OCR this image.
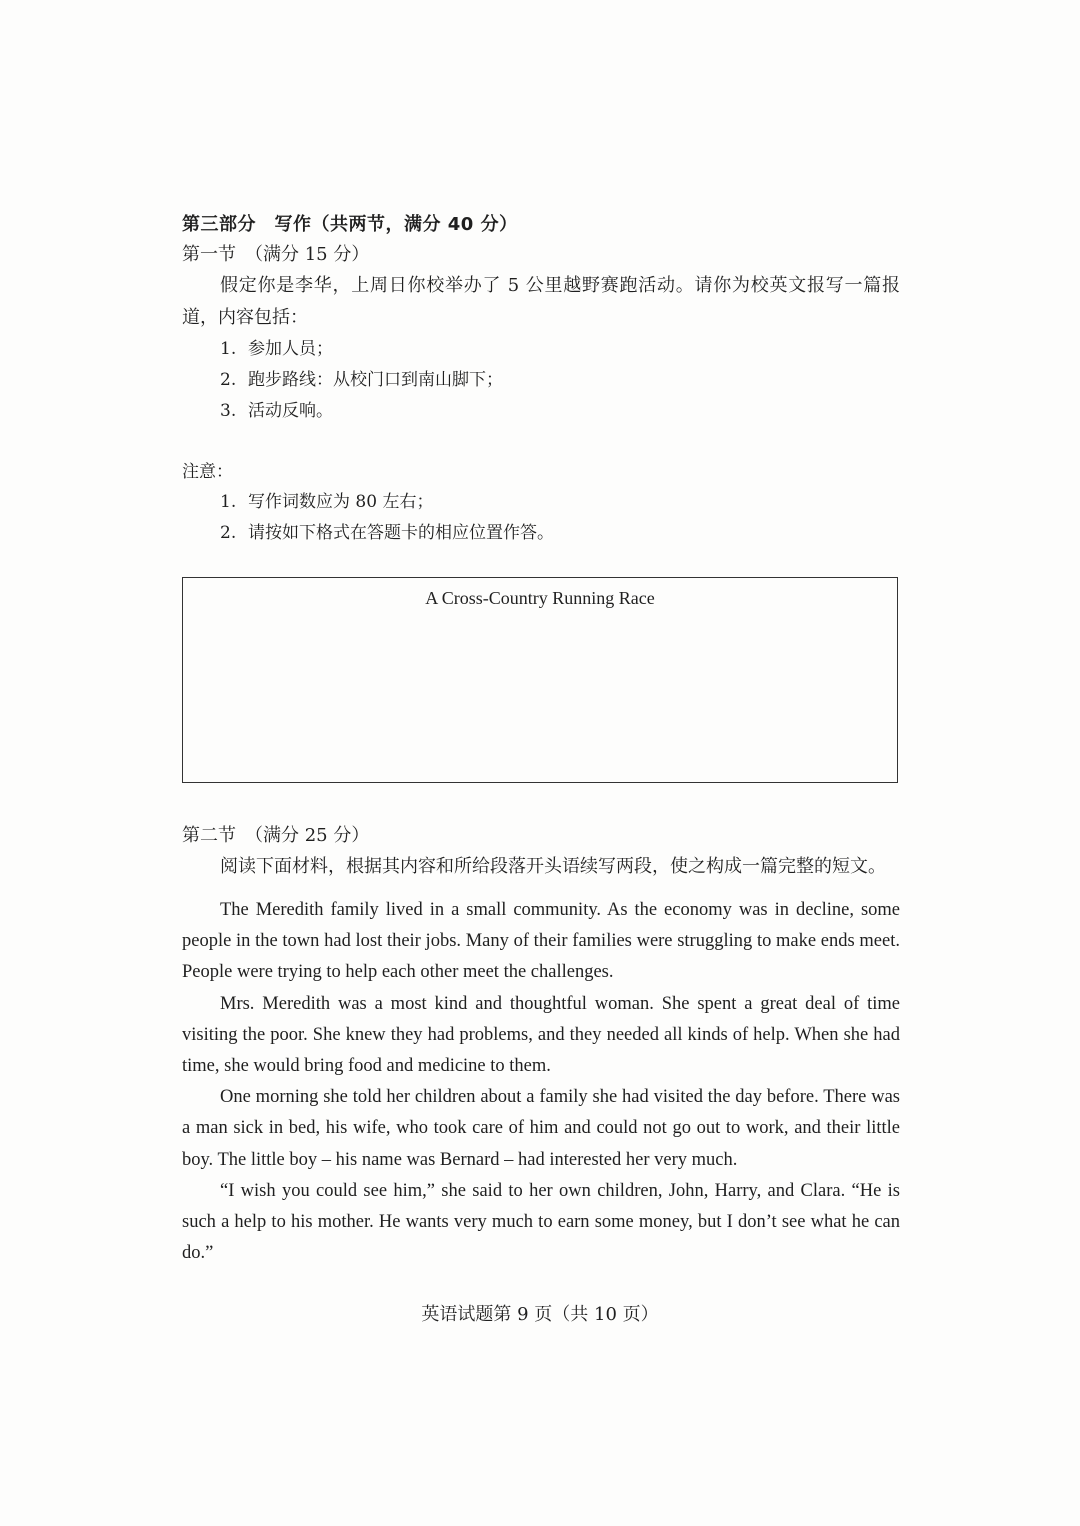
第三部分　写作（共两节，满分 40 分）

第一节　（满分 15 分）

假定你是李华，上周日你校举办了 5 公里越野赛跑活动。请你为校英文报写一篇报道，内容包括：

1. 参加人员；
2. 跑步路线：从校门口到南山脚下；
3. 活动反响。

注意：

1. 写作词数应为 80 左右；
2. 请按如下格式在答题卡的相应位置作答。
A Cross-Country Running Race

第二节　（满分 25 分）

阅读下面材料，根据其内容和所给段落开头语续写两段，使之构成一篇完整的短文。

The Meredith family lived in a small community. As the economy was in decline, some people in the town had lost their jobs. Many of their families were struggling to make ends meet. People were trying to help each other meet the challenges.

Mrs. Meredith was a most kind and thoughtful woman. She spent a great deal of time visiting the poor. She knew they had problems, and they needed all kinds of help. When she had time, she would bring food and medicine to them.

One morning she told her children about a family she had visited the day before. There was a man sick in bed, his wife, who took care of him and could not go out to work, and their little boy. The little boy – his name was Bernard – had interested her very much.

“I wish you could see him,” she said to her own children, John, Harry, and Clara. “He is such a help to his mother. He wants very much to earn some money, but I don’t see what he can do.”

英语试题第 9 页（共 10 页）
